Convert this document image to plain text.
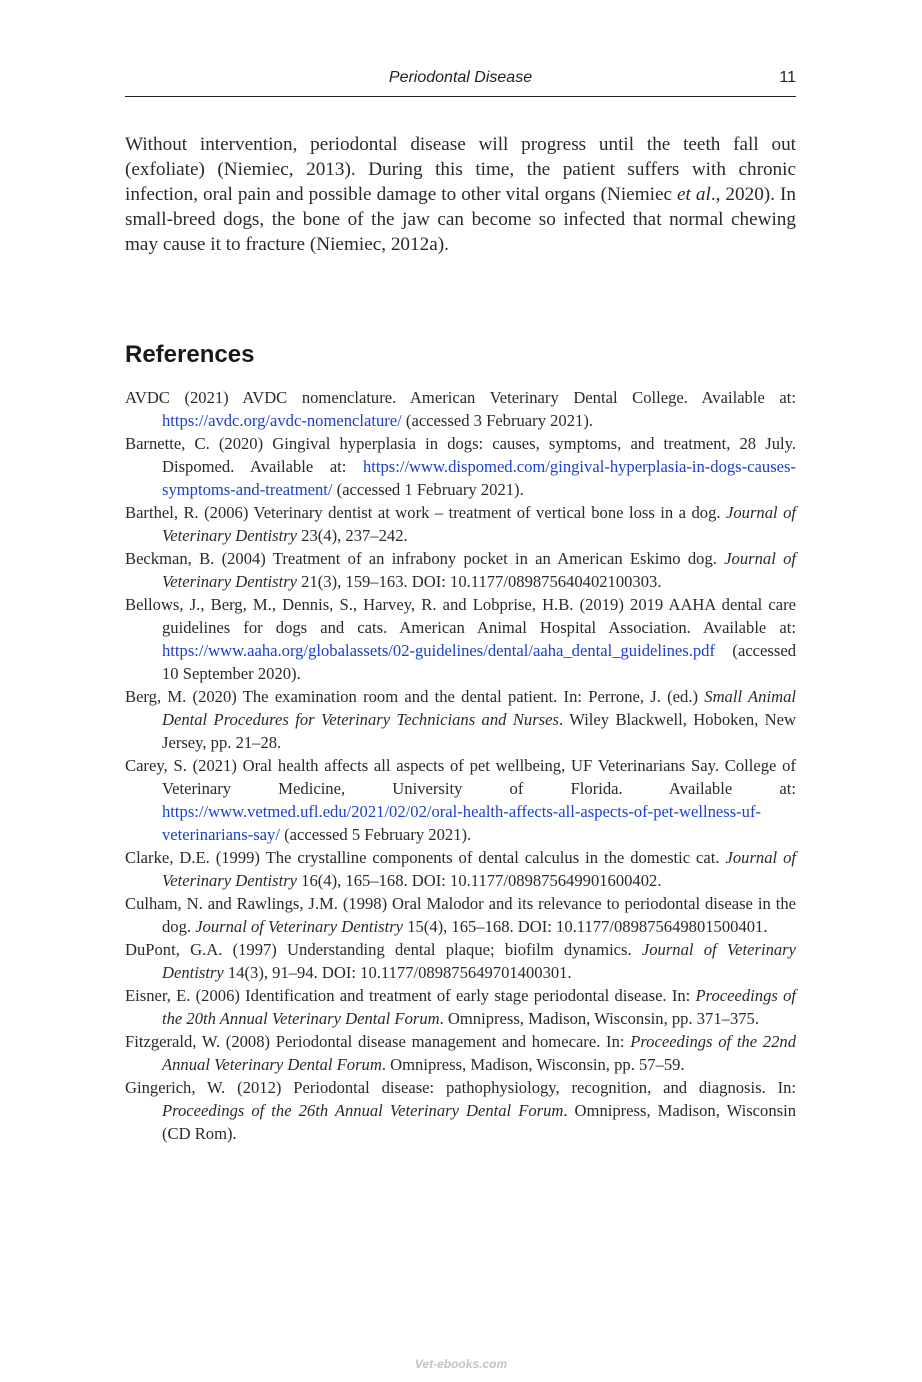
Periodontal Disease	11

Without intervention, periodontal disease will progress until the teeth fall out (exfoliate) (Niemiec, 2013). During this time, the patient suffers with chronic infection, oral pain and possible damage to other vital organs (Niemiec et al., 2020). In small-breed dogs, the bone of the jaw can become so infected that normal chewing may cause it to fracture (Niemiec, 2012a).

References
AVDC (2021) AVDC nomenclature. American Veterinary Dental College. Available at: https://avdc.org/avdc-nomenclature/ (accessed 3 February 2021).
Barnette, C. (2020) Gingival hyperplasia in dogs: causes, symptoms, and treatment, 28 July. Dispomed. Available at: https://www.dispomed.com/gingival-hyperplasia-in-dogs-causes-symptoms-and-treatment/ (accessed 1 February 2021).
Barthel, R. (2006) Veterinary dentist at work – treatment of vertical bone loss in a dog. Journal of Veterinary Dentistry 23(4), 237–242.
Beckman, B. (2004) Treatment of an infrabony pocket in an American Eskimo dog. Journal of Veterinary Dentistry 21(3), 159–163. DOI: 10.1177/089875640402100303.
Bellows, J., Berg, M., Dennis, S., Harvey, R. and Lobprise, H.B. (2019) 2019 AAHA dental care guidelines for dogs and cats. American Animal Hospital Association. Available at: https://www.aaha.org/globalassets/02-guidelines/dental/aaha_dental_guidelines.pdf (accessed 10 September 2020).
Berg, M. (2020) The examination room and the dental patient. In: Perrone, J. (ed.) Small Animal Dental Procedures for Veterinary Technicians and Nurses. Wiley Blackwell, Hoboken, New Jersey, pp. 21–28.
Carey, S. (2021) Oral health affects all aspects of pet wellbeing, UF Veterinarians Say. College of Veterinary Medicine, University of Florida. Available at: https://www.vetmed.ufl.edu/2021/02/02/oral-health-affects-all-aspects-of-pet-wellness-uf-veterinarians-say/ (accessed 5 February 2021).
Clarke, D.E. (1999) The crystalline components of dental calculus in the domestic cat. Journal of Veterinary Dentistry 16(4), 165–168. DOI: 10.1177/089875649901600402.
Culham, N. and Rawlings, J.M. (1998) Oral Malodor and its relevance to periodontal disease in the dog. Journal of Veterinary Dentistry 15(4), 165–168. DOI: 10.1177/089875649801500401.
DuPont, G.A. (1997) Understanding dental plaque; biofilm dynamics. Journal of Veterinary Dentistry 14(3), 91–94. DOI: 10.1177/089875649701400301.
Eisner, E. (2006) Identification and treatment of early stage periodontal disease. In: Proceedings of the 20th Annual Veterinary Dental Forum. Omnipress, Madison, Wisconsin, pp. 371–375.
Fitzgerald, W. (2008) Periodontal disease management and homecare. In: Proceedings of the 22nd Annual Veterinary Dental Forum. Omnipress, Madison, Wisconsin, pp. 57–59.
Gingerich, W. (2012) Periodontal disease: pathophysiology, recognition, and diagnosis. In: Proceedings of the 26th Annual Veterinary Dental Forum. Omnipress, Madison, Wisconsin (CD Rom).
Vet-ebooks.com
